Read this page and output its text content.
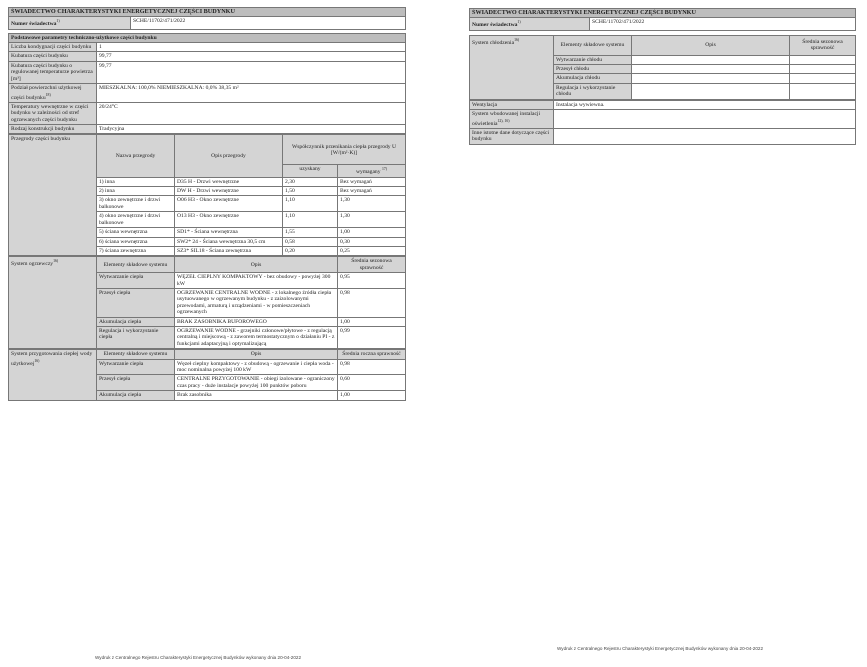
ŚWIADECTWO CHARAKTERYSTYKI ENERGETYCZNEJ CZĘŚCI BUDYNKU
Numer świadectwa$^{1)}$	SCHE/11702/471/2022
Podstawowe parametry techniczno-użytkowe części budynku	
Liczba kondygnacji części budynku	1
Kubatura części budynku	99,77
Kubatura części budynku o regulowanej temperaturze powietrza [m³]	99,77
Podział powierzchni użytkowej części budynku$^{18)}$	MIESZKALNA: 100,0% NIEMIESZKALNA: 0,0% 38,35 m²
Temperatury wewnętrzne w części budynku w zależności od stref ogrzewanych części budynku	20/24°C
Rodzaj konstrukcji budynku	Tradycyjna
Przegrody części budynku	Nazwa przegrody	Opis przegrody	Współczynnik przenikania ciepła przegrody U [W/(m²·K)]	
			uzyskany	wymagany $^{17)}$
	1) inna	D35 H - Drzwi wewnętrzne	2,30	Bez wymagań
	2) inna	DW H - Drzwi wewnętrzne	1,50	Bez wymagań
	3) okno zewnętrzne i drzwi balkonowe	O06 H3 - Okno zewnętrzne	1,10	1,30
	4) okno zewnętrzne i drzwi balkonowe	O13 H3 - Okno zewnętrzne	1,10	1,30
	5) ściana wewnętrzna	SD1* - Ściana wewnętrzna	1,55	1,00
	6) ściana wewnętrzna	SW2* 24 - Ściana wewnętrzna 30,5 cm	0,58	0,30
	7) ściana zewnętrzna	SZ3* SIL18 - Ściana zewnętrzna	0,20	0,25
System ogrzewczy$^{16)}$	Elementy składowe systemu	Opis	Średnia sezonowa sprawność
	Wytwarzanie ciepła	WĘZEŁ CIEPLNY KOMPAKTOWY - bez obudowy - powyżej 300 kW	0,95
	Przesył ciepła	OGRZEWANIE CENTRALNE WODNE - z lokalnego źródła ciepła usytuowanego w ogrzewanym budynku - z zaizolowanymi przewodami, armaturą i urządzeniami - w pomieszczeniach ogrzewanych	0,98
	Akumulacja ciepła	BRAK ZASOBNIKA BUFOROWEGO	1,00
	Regulacja i wykorzystanie ciepła	OGRZEWANIE WODNE - grzejniki członowe/płytowe - z regulacją centralną i miejscową - z zaworem termostatycznym o działaniu PI - z funkcjami adaptacyjną i optymalizującą	0,99
System przygotowania ciepłej wody użytkowej$^{16)}$	Elementy składowe systemu	Opis	Średnia roczna sprawność
	Wytwarzanie ciepła	Węzeł cieplny kompaktowy - z obudową - ogrzewanie i ciepła woda - moc nominalna powyżej 100 kW	0,98
	Przesył ciepła	CENTRALNE PRZYGOTOWANIE - obiegi izolowane - ograniczony czas pracy - duże instalacje powyżej 100 punktów poboru	0,60
	Akumulacja ciepła	Brak zasobnika	1,00
Wydruk z Centralnego Rejestru Charakterystyki Energetycznej Budynków wykonany dnia 20-04-2022
ŚWIADECTWO CHARAKTERYSTYKI ENERGETYCZNEJ CZĘŚCI BUDYNKU
Numer świadectwa$^{1)}$	SCHE/11702/471/2022
System chłodzenia$^{16)}$	Elementy składowe systemu	Opis	Średnia sezonowa sprawność
	Wytwarzanie chłodu		
	Przesył chłodu		
	Akumulacja chłodu		
	Regulacja i wykorzystanie chłodu		
Wentylacja	Instalacja wywiewna.
System wbudowanej instalacji oświetlenia$^{12), 16)}$	
Inne istotne dane dotyczące części budynku	
Wydruk z Centralnego Rejestru Charakterystyki Energetycznej Budynków wykonany dnia 20-04-2022
